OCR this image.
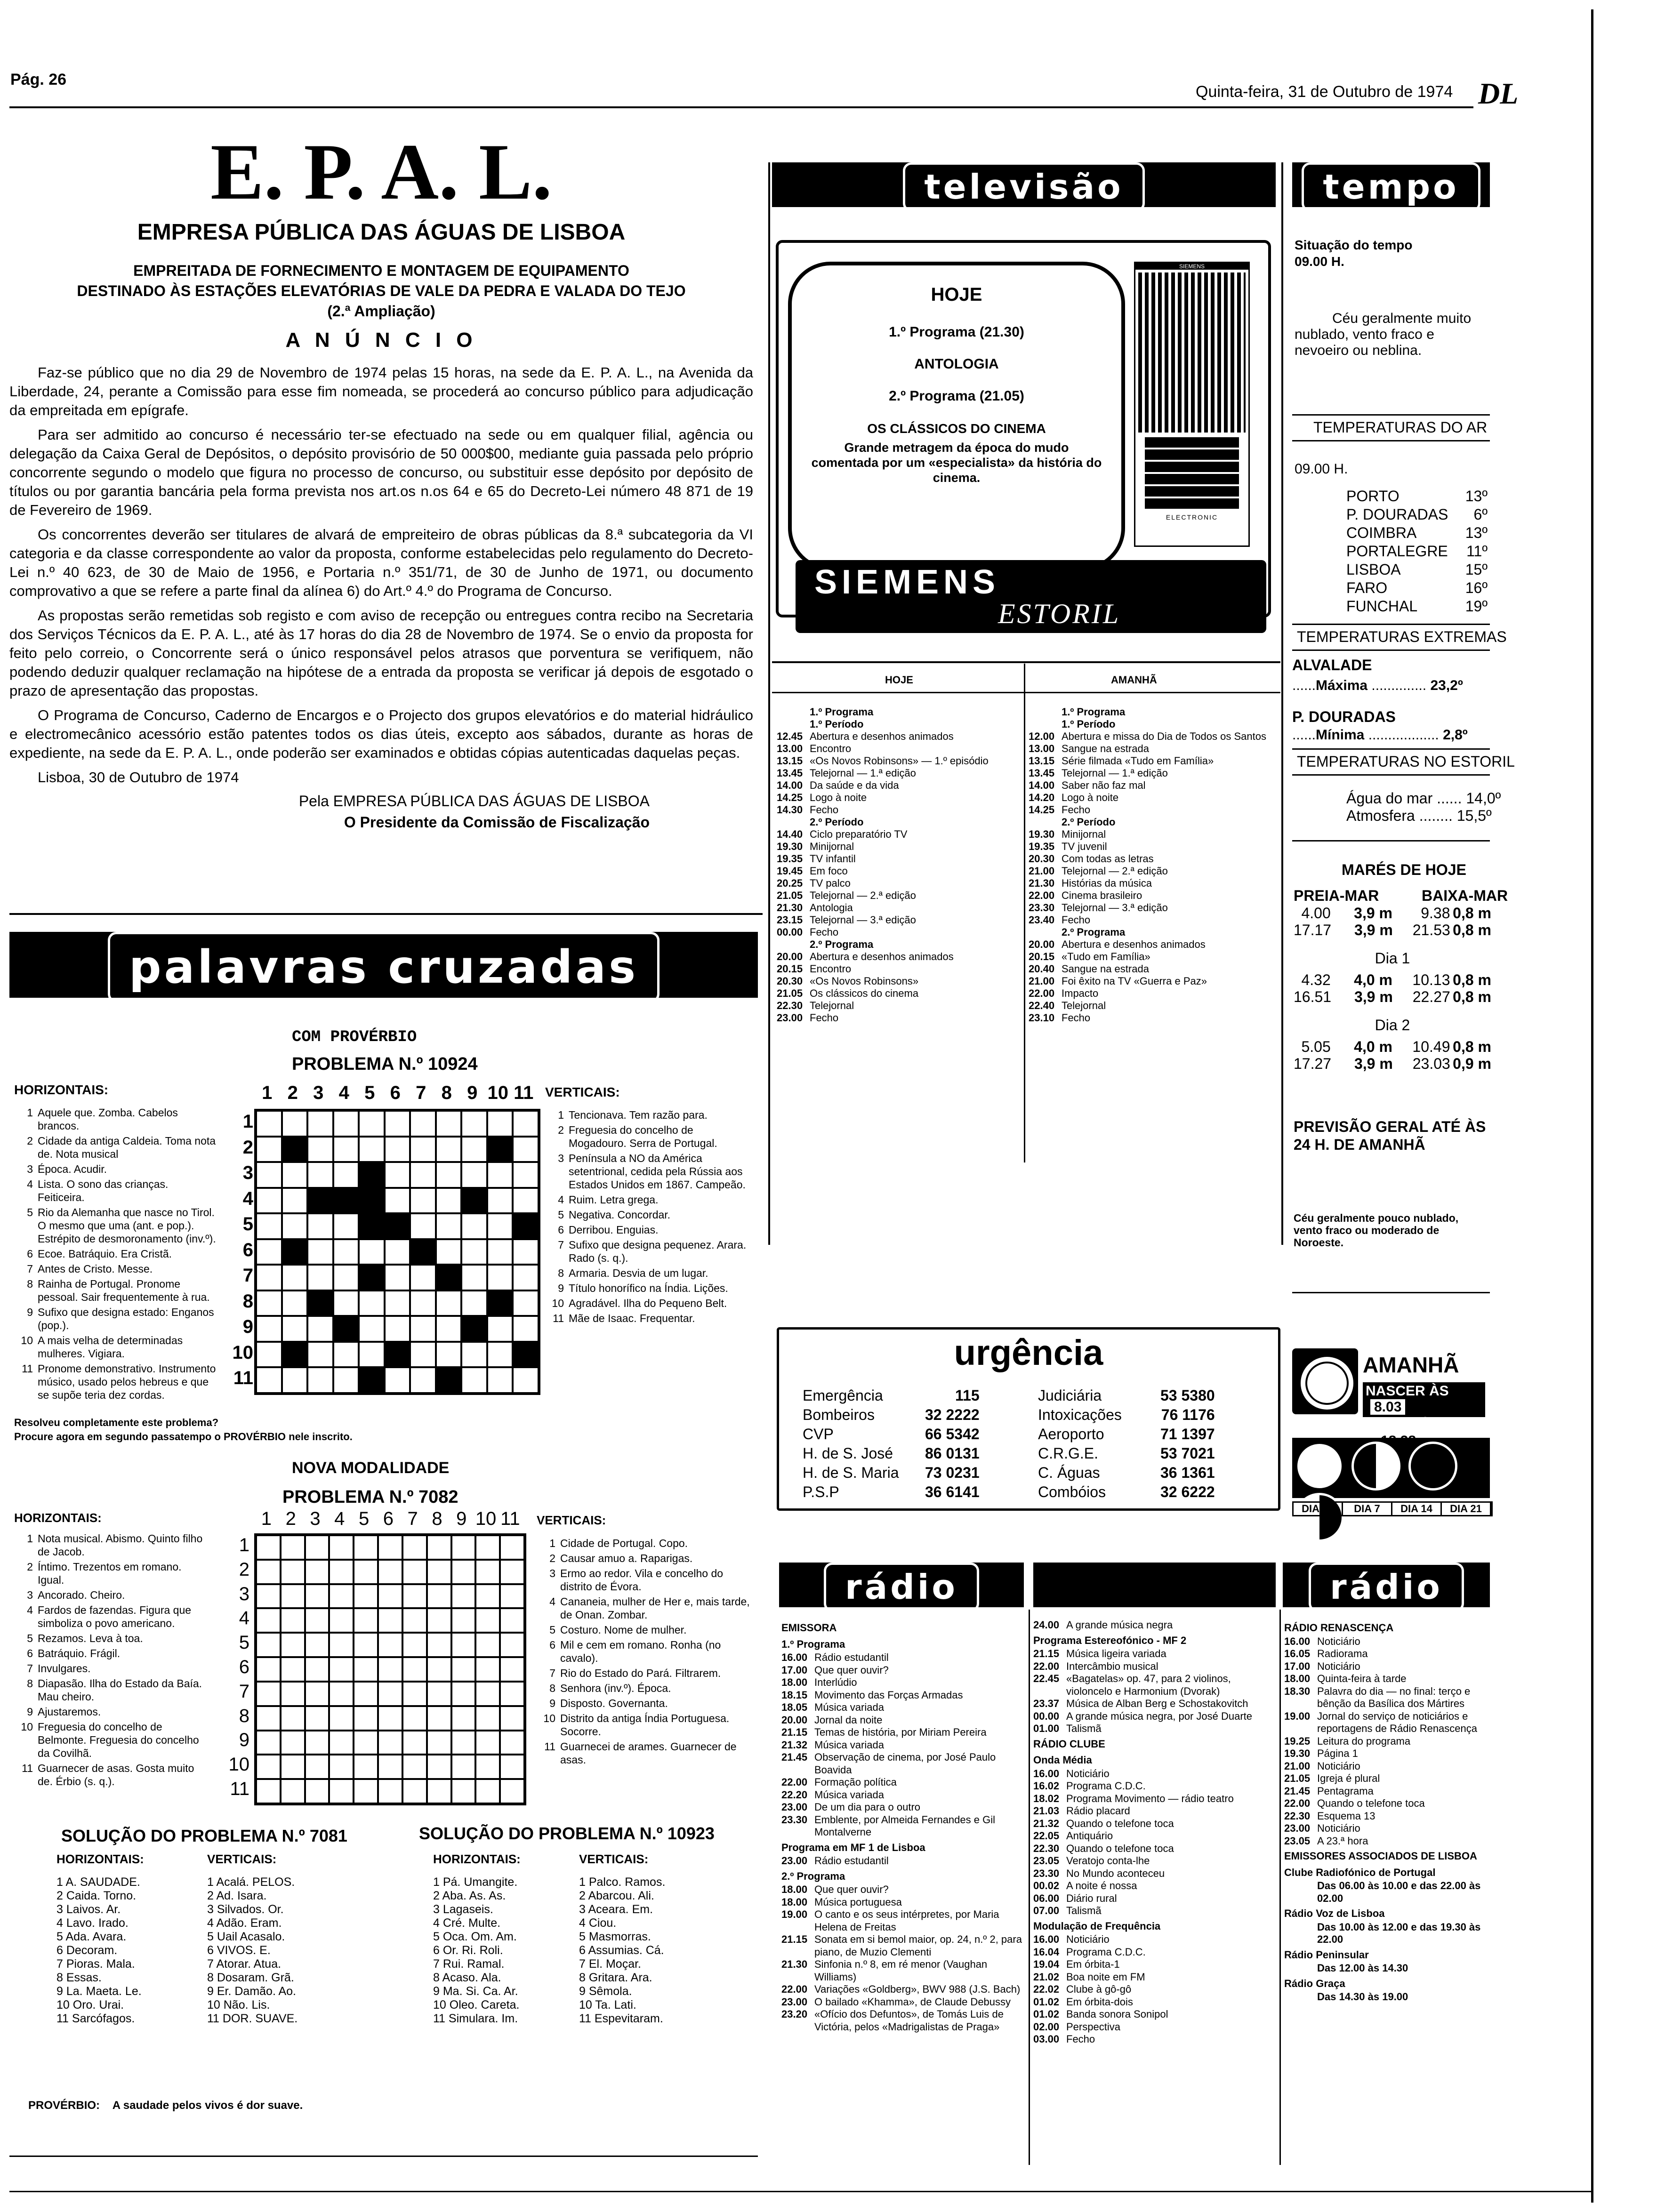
Pág. 26
Quinta-feira, 31 de Outubro de 1974 DL
E. P. A. L.
EMPRESA PÚBLICA DAS ÁGUAS DE LISBOA
EMPREITADA DE FORNECIMENTO E MONTAGEM DE EQUIPAMENTO
DESTINADO ÀS ESTAÇÕES ELEVATÓRIAS DE VALE DA PEDRA E VALADA DO TEJO
(2.ª Ampliação)
A N Ú N C I O

Faz-se público que no dia 29 de Novembro de 1974 pelas 15 horas, na sede da E. P. A. L., na Avenida da Liberdade, 24, perante a Comissão para esse fim nomeada, se procederá ao concurso público para adjudicação da empreitada em epígrafe.

Para ser admitido ao concurso é necessário ter-se efectuado na sede ou em qualquer filial, agência ou delegação da Caixa Geral de Depósitos, o depósito provisório de 50 000$00, mediante guia passada pelo próprio concorrente segundo o modelo que figura no processo de concurso, ou substituir esse depósito por depósito de títulos ou por garantia bancária pela forma prevista nos art.os n.os 64 e 65 do Decreto-Lei número 48 871 de 19 de Fevereiro de 1969.

Os concorrentes deverão ser titulares de alvará de empreiteiro de obras públicas da 8.ª subcategoria da VI categoria e da classe correspondente ao valor da proposta, conforme estabelecidas pelo regulamento do Decreto-Lei n.º 40 623, de 30 de Maio de 1956, e Portaria n.º 351/71, de 30 de Junho de 1971, ou documento comprovativo a que se refere a parte final da alínea 6) do Art.º 4.º do Programa de Concurso.

As propostas serão remetidas sob registo e com aviso de recepção ou entregues contra recibo na Secretaria dos Serviços Técnicos da E. P. A. L., até às 17 horas do dia 28 de Novembro de 1974. Se o envio da proposta for feito pelo correio, o Concorrente será o único responsável pelos atrasos que porventura se verifiquem, não podendo deduzir qualquer reclamação na hipótese de a entrada da proposta se verificar já depois de esgotado o prazo de apresentação das propostas.

O Programa de Concurso, Caderno de Encargos e o Projecto dos grupos elevatórios e do material hidráulico e electromecânico acessório estão patentes todos os dias úteis, excepto aos sábados, durante as horas de expediente, na sede da E. P. A. L., onde poderão ser examinados e obtidas cópias autenticadas daquelas peças.

Lisboa, 30 de Outubro de 1974

Pela EMPRESA PÚBLICA DAS ÁGUAS DE LISBOA
O Presidente da Comissão de Fiscalização
palavras cruzadas
COM PROVÉRBIO
PROBLEMA N.º 10924
HORIZONTAIS:
1 Aquele que. Zomba. Cabelos brancos.
2 Cidade da antiga Caldeia. Toma nota de. Nota musical
3 Época. Acudir.
4 Lista. O sono das crianças. Feiticeira.
5 Rio da Alemanha que nasce no Tirol. O mesmo que uma (ant. e pop.). Estrépito de desmoronamento (inv.º).
6 Ecoe. Batráquio. Era Cristã.
7 Antes de Cristo. Messe.
8 Rainha de Portugal. Pronome pessoal. Sair frequentemente à rua.
9 Sufixo que designa estado: Enganos (pop.).
10 A mais velha de determinadas mulheres. Vigiara.
11 Pronome demonstrativo. Instrumento músico, usado pelos hebreus e que se supõe teria dez cordas.
1 2 3 4 5 6 7 8 9 10 11
1
2
3
4
5
6
7
8
9
10
11
VERTICAIS:
1 Tencionava. Tem razão para.
2 Freguesia do concelho de Mogadouro. Serra de Portugal.
3 Península a NO da América setentrional, cedida pela Rússia aos Estados Unidos em 1867. Campeão.
4 Ruim. Letra grega.
5 Negativa. Concordar.
6 Derribou. Enguias.
7 Sufixo que designa pequenez. Arara. Rado (s. q.).
8 Armaria. Desvia de um lugar.
9 Título honorífico na Índia. Lições.
10 Agradável. Ilha do Pequeno Belt.
11 Mãe de Isaac. Frequentar.
Resolveu completamente este problema?
Procure agora em segundo passatempo o PROVÉRBIO nele inscrito.
NOVA MODALIDADE
PROBLEMA N.º 7082
HORIZONTAIS:
1 Nota musical. Abismo. Quinto filho de Jacob.
2 Íntimo. Trezentos em romano. Igual.
3 Ancorado. Cheiro.
4 Fardos de fazendas. Figura que simboliza o povo americano.
5 Rezamos. Leva à toa.
6 Batráquio. Frágil.
7 Invulgares.
8 Diapasão. Ilha do Estado da Baía. Mau cheiro.
9 Ajustaremos.
10 Freguesia do concelho de Belmonte. Freguesia do concelho da Covilhã.
11 Guarnecer de asas. Gosta muito de. Érbio (s. q.).
1 2 3 4 5 6 7 8 9 10 11
1
2
3
4
5
6
7
8
9
10
11
VERTICAIS:
1 Cidade de Portugal. Copo.
2 Causar amuo a. Raparigas.
3 Ermo ao redor. Vila e concelho do distrito de Évora.
4 Cananeia, mulher de Her e, mais tarde, de Onan. Zombar.
5 Costuro. Nome de mulher.
6 Mil e cem em romano. Ronha (no cavalo).
7 Rio do Estado do Pará. Filtrarem.
8 Senhora (inv.º). Época.
9 Disposto. Governanta.
10 Distrito da antiga Índia Portuguesa. Socorre.
11 Guarnecei de arames. Guarnecer de asas.
SOLUÇÃO DO PROBLEMA N.º 7081	SOLUÇÃO DO PROBLEMA N.º 10923
HORIZONTAIS:	VERTICAIS:	HORIZONTAIS:	VERTICAIS:
1 A. SAUDADE.
2 Caida. Torno.
3 Laivos. Ar.
4 Lavo. Irado.
5 Ada. Avara.
6 Decoram.
7 Pioras. Mala.
8 Essas.
9 La. Maeta. Le.
10 Oro. Urai.
11 Sarcófagos.
1 Acalá. PELOS.
2 Ad. Isara.
3 Silvados. Or.
4 Adão. Eram.
5 Uail Acasalo.
6 VIVOS. E.
7 Atorar. Atua.
8 Dosaram. Grã.
9 Er. Damão. Ao.
10 Não. Lis.
11 DOR. SUAVE.
1 Pá. Umangite.
2 Aba. As. As.
3 Lagaseis.
4 Cré. Multe.
5 Oca. Om. Am.
6 Or. Ri. Roli.
7 Rui. Ramal.
8 Acaso. Ala.
9 Ma. Si. Ca. Ar.
10 Oleo. Careta.
11 Simulara. Im.
1 Palco. Ramos.
2 Abarcou. Ali.
3 Aceara. Em.
4 Ciou.
5 Masmorras.
6 Assumias. Cá.
7 El. Moçar.
8 Gritara. Ara.
9 Sêmola.
10 Ta. Lati.
11 Espevitaram.
PROVÉRBIO: A saudade pelos vivos é dor suave.
televisão
HOJE
1.º Programa (21.30)
ANTOLOGIA
2.º Programa (21.05)
OS CLÁSSICOS DO CINEMA
Grande metragem da época do mudo comentada por um «especialista» da história do cinema.
SIEMENS
ELECTRONIC
SIEMENS
ESTORIL
HOJE	AMANHÃ
1.º Programa
1.º Período
12.45 Abertura e desenhos animados
13.00 Encontro
13.15 «Os Novos Robinsons» — 1.º episódio
13.45 Telejornal — 1.ª edição
14.00 Da saúde e da vida
14.25 Logo à noite
14.30 Fecho
2.º Período
14.40 Ciclo preparatório TV
19.30 Minijornal
19.35 TV infantil
19.45 Em foco
20.25 TV palco
21.05 Telejornal — 2.ª edição
21.30 Antologia
23.15 Telejornal — 3.ª edição
00.00 Fecho
2.º Programa
20.00 Abertura e desenhos animados
20.15 Encontro
20.30 «Os Novos Robinsons»
21.05 Os clássicos do cinema
22.30 Telejornal
23.00 Fecho
1.º Programa
1.º Período
12.00 Abertura e missa do Dia de Todos os Santos
13.00 Sangue na estrada
13.15 Série filmada «Tudo em Família»
13.45 Telejornal — 1.ª edição
14.00 Saber não faz mal
14.20 Logo à noite
14.25 Fecho
2.º Período
19.30 Minijornal
19.35 TV juvenil
20.30 Com todas as letras
21.00 Telejornal — 2.ª edição
21.30 Histórias da música
22.00 Cinema brasileiro
23.30 Telejornal — 3.ª edição
23.40 Fecho
2.º Programa
20.00 Abertura e desenhos animados
20.15 «Tudo em Família»
20.40 Sangue na estrada
21.00 Foi êxito na TV «Guerra e Paz»
22.00 Impacto
22.40 Telejornal
23.10 Fecho
urgência
Emergência	115
Bombeiros	32 2222
CVP	66 5342
H. de S. José	86 0131
H. de S. Maria	73 0231
P.S.P	36 6141
Judiciária	53 5380
Intoxicações	76 1176
Aeroporto	71 1397
C.R.G.E.	53 7021
C. Águas	36 1361
Combóios	32 6222
tempo
Situação do tempo
09.00 H.
Céu geralmente muito nublado, vento fraco e nevoeiro ou neblina.
TEMPERATURAS DO AR
09.00 H.
PORTO	13º
P. DOURADAS 6º
COIMBRA	13º
PORTALEGRE 11º
LISBOA	15º
FARO	16º
FUNCHAL	19º
TEMPERATURAS EXTREMAS
ALVALADE
......Máxima .............. 23,2º
P. DOURADAS
......Mínima .................. 2,8º
TEMPERATURAS NO ESTORIL
Água do mar ...... 14,0º
Atmosfera ........ 15,5º
MARÉS DE HOJE
PREIA-MAR	BAIXA-MAR
4.00	3,9 m	9.38 0,8 m
17.17	3,9 m	21.53 0,8 m
Dia 1
4.32	4,0 m	10.13 0,8 m
16.51	3,9 m	22.27 0,8 m
Dia 2
5.05	4,0 m	10.49 0,8 m
17.27	3,9 m	23.03 0,9 m
PREVISÃO GERAL ATÉ ÀS 24 H. DE AMANHÃ
Céu geralmente pouco nublado, vento fraco ou moderado de Noroeste.
AMANHÃ
NASCER ÀS 8.03
OCASO ÀS

DIA 31	DIA 7	DIA 14	DIA 21
rádio	rádio
EMISSORA
1.º Programa
16.00 Rádio estudantil
17.00 Que quer ouvir?
18.00 Interlúdio
18.15 Movimento das Forças Armadas
18.05 Música variada
20.00 Jornal da noite
21.15 Temas de história, por Miriam Pereira
21.32 Música variada
21.45 Observação de cinema, por José Paulo Boavida
22.00 Formação política
22.20 Música variada
23.00 De um dia para o outro
23.30 Emblente, por Almeida Fernandes e Gil Montalverne
Programa em MF 1 de Lisboa
23.00 Rádio estudantil
2.º Programa
18.00 Que quer ouvir?
18.00 Música portuguesa
19.00 O canto e os seus intérpretes, por Maria Helena de Freitas
21.15 Sonata em si bemol maior, op. 24, n.º 2, para piano, de Muzio Clementi
21.30 Sinfonia n.º 8, em ré menor (Vaughan Williams)
22.00 Variações «Goldberg», BWV 988 (J.S. Bach)
23.00 O bailado «Khamma», de Claude Debussy
23.20 «Ofício dos Defuntos», de Tomás Luis de Victória, pelos «Madrigalistas de Praga»
24.00 A grande música negra
Programa Estereofónico - MF 2
21.15 Música ligeira variada
22.00 Intercâmbio musical
22.45 «Bagatelas» op. 47, para 2 violinos, violoncelo e Harmonium (Dvorak)
23.37 Música de Alban Berg e Schostakovitch
00.00 A grande música negra, por José Duarte
01.00 Talismã
RÁDIO CLUBE
Onda Média
16.00 Noticiário
16.02 Programa C.D.C.
18.02 Programa Movimento — rádio teatro
21.03 Rádio placard
21.32 Quando o telefone toca
22.05 Antiquário
22.30 Quando o telefone toca
23.05 Veratojo conta-lhe
23.30 No Mundo aconteceu
00.02 A noite é nossa
06.00 Diário rural
07.00 Talismã
Modulação de Frequência
16.00 Noticiário
16.04 Programa C.D.C.
19.04 Em órbita-1
21.02 Boa noite em FM
22.02 Clube à gô-gô
01.02 Em órbita-dois
01.02 Banda sonora Sonipol
02.00 Perspectiva
03.00 Fecho
RÁDIO RENASCENÇA
16.00 Noticiário
16.05 Radiorama
17.00 Noticiário
18.00 Quinta-feira à tarde
18.30 Palavra do dia — no final: terço e bênção da Basílica dos Mártires
19.00 Jornal do serviço de noticiários e reportagens de Rádio Renascença
19.25 Leitura do programa
19.30 Página 1
21.00 Noticiário
21.05 Igreja é plural
21.45 Pentagrama
22.00 Quando o telefone toca
22.30 Esquema 13
23.00 Noticiário
23.05 A 23.ª hora
EMISSORES ASSOCIADOS DE LISBOA
Clube Radiofónico de Portugal
Das 06.00 às 10.00 e das 22.00 às 02.00
Rádio Voz de Lisboa
Das 10.00 às 12.00 e das 19.30 às 22.00
Rádio Peninsular
Das 12.00 às 14.30
Rádio Graça
Das 14.30 às 19.00
